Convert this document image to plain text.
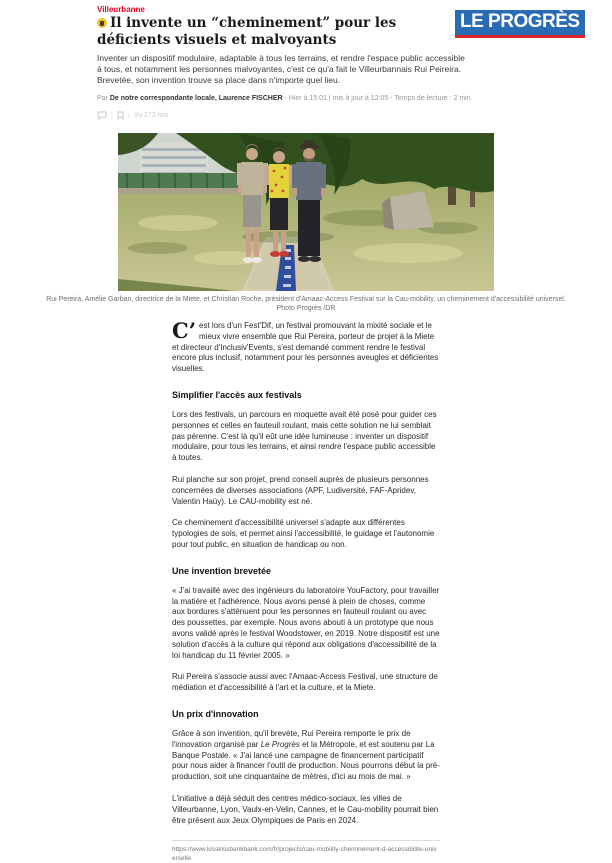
Villeurbanne
LE PROGRÈS
Il invente un “cheminement” pour les déficients visuels et malvoyants

Inventer un dispositif modulaire, adaptable à tous les terrains, et rendre l'espace public accessible à tous, et notamment les personnes malvoyantes, c'est ce qu'a fait le Villeurbannais Rui Peireira. Brevetée, son invention trouve sa place dans n'importe quel lieu.

Par De notre correspondante locale, Laurence FISCHER - Hier à 15:01 | mis à jour à 12:05 - Temps de lecture : 2 min
| | Vu 273 fois
Rui Pereira, Amélie Garban, directrice de la Miete, et Christian Roche, président d'Amaac-Access Festival sur la Cau-mobility, un cheminement d'accessibilité universel.
Photo Progrès /DR

C’ est lors d'un Fest'Dif, un festival promouvant la mixité sociale et le mieux vivre ensemble que Rui Pereira, porteur de projet à la Miete et directeur d'Inclusiv'Events, s'est demandé comment rendre le festival encore plus inclusif, notamment pour les personnes aveugles et déficientes visuelles.

Simplifier l'accès aux festivals

Lors des festivals, un parcours en moquette avait été posé pour guider ces personnes et celles en fauteuil roulant, mais cette solution ne lui semblait pas pérenne. C'est là qu'il eût une idée lumineuse : inventer un dispositif modulaire, pour tous les terrains, et ainsi rendre l'espace public accessible à toutes.

Rui planche sur son projet, prend conseil auprès de plusieurs personnes concernées de diverses associations (APF, Ludiversité, FAF-Apridev, Valentin Haüy). Le CAU-mobility est né.

Ce cheminement d'accessibilité universel s'adapte aux différentes typologies de sols, et permet ainsi l'accessibilité, le guidage et l'autonomie pour tout public, en situation de handicap ou non.

Une invention brevetée

« J'ai travaillé avec des ingénieurs du laboratoire YouFactory, pour travailler la matière et l'adhérence. Nous avons pensé à plein de choses, comme aux bordures s'atténuent pour les personnes en fauteuil roulant ou avec des poussettes, par exemple. Nous avons abouti à un prototype que nous avons validé après le festival Woodstower, en 2019. Notre dispositif est une solution d'accès à la culture qui répond aux obligations d'accessibilité de la loi handicap du 11 février 2005. »

Rui Pereira s'associe aussi avec l'Amaac-Access Festival, une structure de médiation et d'accessibilité à l'art et la culture, et la Miete.

Un prix d'innovation

Grâce à son invention, qu'il brevète, Rui Pereira remporte le prix de l'innovation organisé par Le Progrès et la Métropole, et est soutenu par La Banque Postale. « J'ai lancé une campagne de financement participatif pour nous aider à financer l'outil de production. Nous pourrons début la pré-production, soit une cinquantaine de mètres, d'ici au mois de mai. »

L'initiative a déjà séduit des centres médico-sociaux, les villes de Villeurbanne, Lyon, Vaulx-en-Velin, Cannes, et le Cau-mobility pourrait bien être présent aux Jeux Olympiques de Paris en 2024.

https://www.kisskissbankbank.com/fr/projects/cau-mobility-cheminement-d-accessibilite-universelle
